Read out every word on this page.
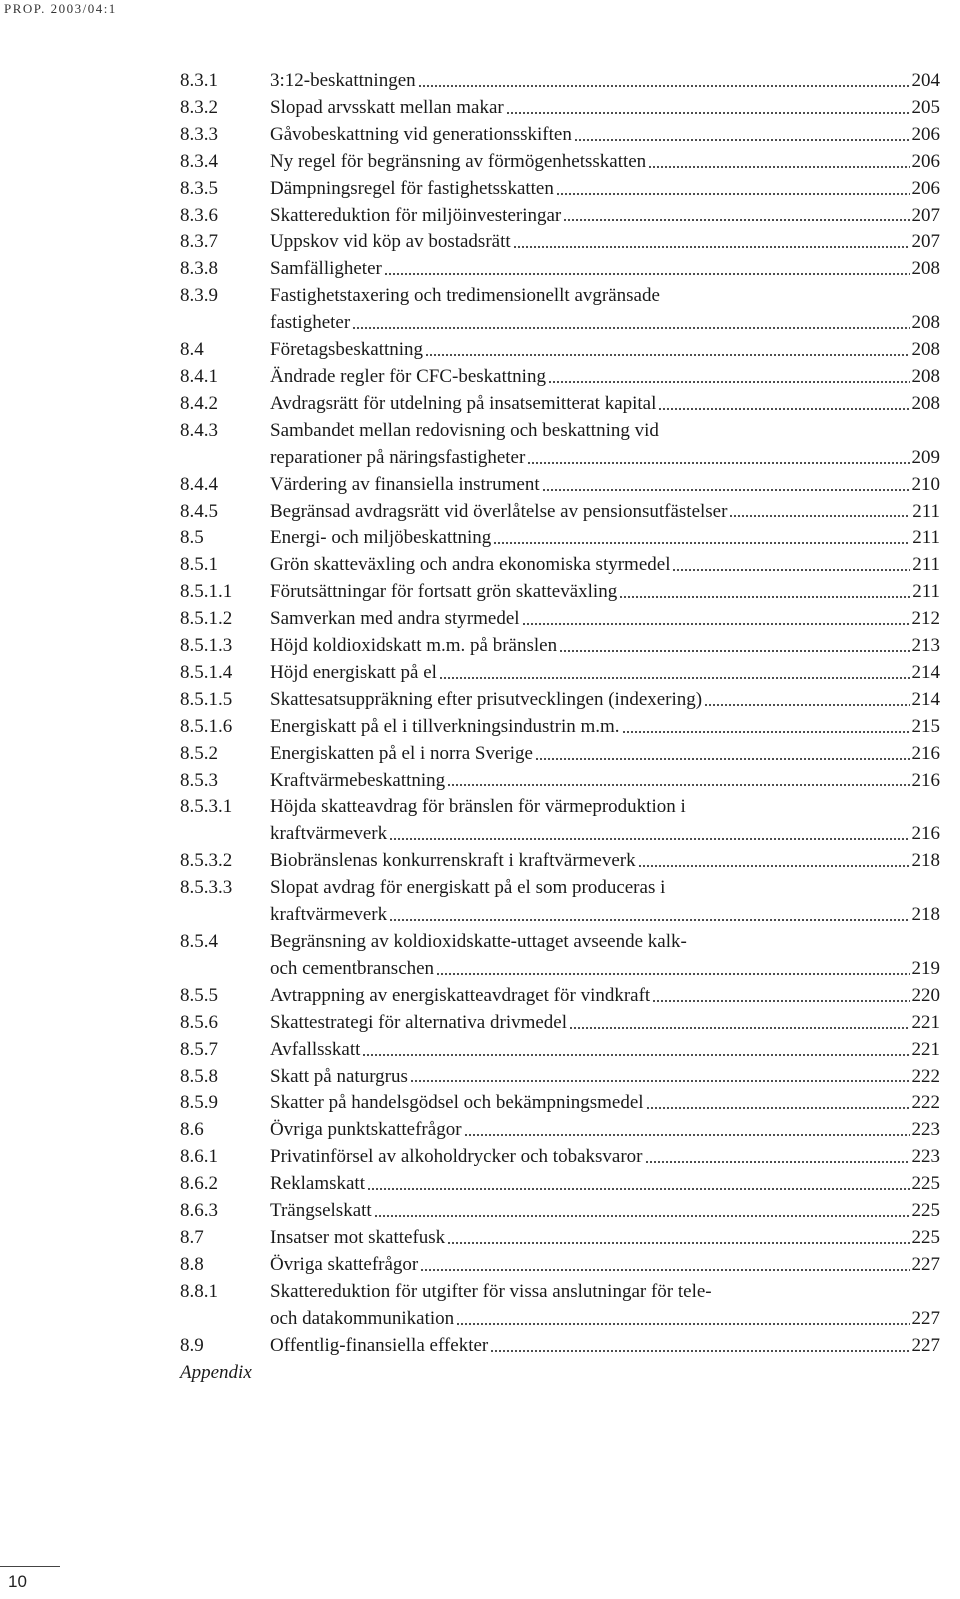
PROP. 2003/04:1
8.3.1	3:12-beskattningen	204
8.3.2	Slopad arvsskatt mellan makar	205
8.3.3	Gåvobeskattning vid generationsskiften	206
8.3.4	Ny regel för begränsning av förmögenhetsskatten	206
8.3.5	Dämpningsregel för fastighetsskatten	206
8.3.6	Skattereduktion för miljöinvesteringar	207
8.3.7	Uppskov vid köp av bostadsrätt	207
8.3.8	Samfälligheter	208
8.3.9	Fastighetstaxering och tredimensionellt avgränsade
fastigheter	208
8.4	Företagsbeskattning	208
8.4.1	Ändrade regler för CFC-beskattning	208
8.4.2	Avdragsrätt för utdelning på insatsemitterat kapital	208
8.4.3	Sambandet mellan redovisning och beskattning vid
reparationer på näringsfastigheter	209
8.4.4	Värdering av finansiella instrument	210
8.4.5	Begränsad avdragsrätt vid överlåtelse av pensionsutfästelser	211
8.5	Energi- och miljöbeskattning	211
8.5.1	Grön skatteväxling och andra ekonomiska styrmedel	211
8.5.1.1	Förutsättningar för fortsatt grön skatteväxling	211
8.5.1.2	Samverkan med andra styrmedel	212
8.5.1.3	Höjd koldioxidskatt m.m. på bränslen	213
8.5.1.4	Höjd energiskatt på el	214
8.5.1.5	Skattesatsuppräkning efter prisutvecklingen (indexering)	214
8.5.1.6	Energiskatt på el i tillverkningsindustrin m.m.	215
8.5.2	Energiskatten på el i norra Sverige	216
8.5.3	Kraftvärmebeskattning	216
8.5.3.1	Höjda skatteavdrag för bränslen för värmeproduktion i
kraftvärmeverk	216
8.5.3.2	Biobränslenas konkurrenskraft i kraftvärmeverk	218
8.5.3.3	Slopat avdrag för energiskatt på el som produceras i
kraftvärmeverk	218
8.5.4	Begränsning av koldioxidskatte-uttaget avseende kalk-
och cementbranschen	219
8.5.5	Avtrappning av energiskatteavdraget för vindkraft	220
8.5.6	Skattestrategi för alternativa drivmedel	221
8.5.7	Avfallsskatt	221
8.5.8	Skatt på naturgrus	222
8.5.9	Skatter på handelsgödsel och bekämpningsmedel	222
8.6	Övriga punktskattefrågor	223
8.6.1	Privatinförsel av alkoholdrycker och tobaksvaror	223
8.6.2	Reklamskatt	225
8.6.3	Trängselskatt	225
8.7	Insatser mot skattefusk	225
8.8	Övriga skattefrågor	227
8.8.1	Skattereduktion för utgifter för vissa anslutningar för tele-
och datakommunikation	227
8.9	Offentlig-finansiella effekter	227
Appendix
10
